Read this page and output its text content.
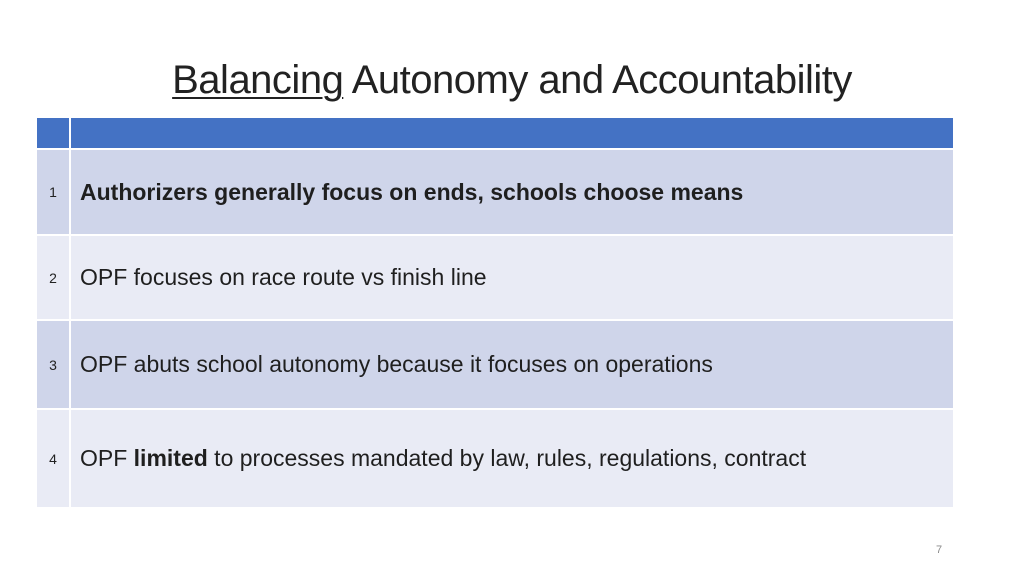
Balancing Autonomy and Accountability
1	Authorizers generally focus on ends, schools choose means
2	OPF focuses on race route vs finish line
3	OPF abuts school autonomy because it focuses on operations
4	OPF limited to processes mandated by law, rules, regulations, contract
7
